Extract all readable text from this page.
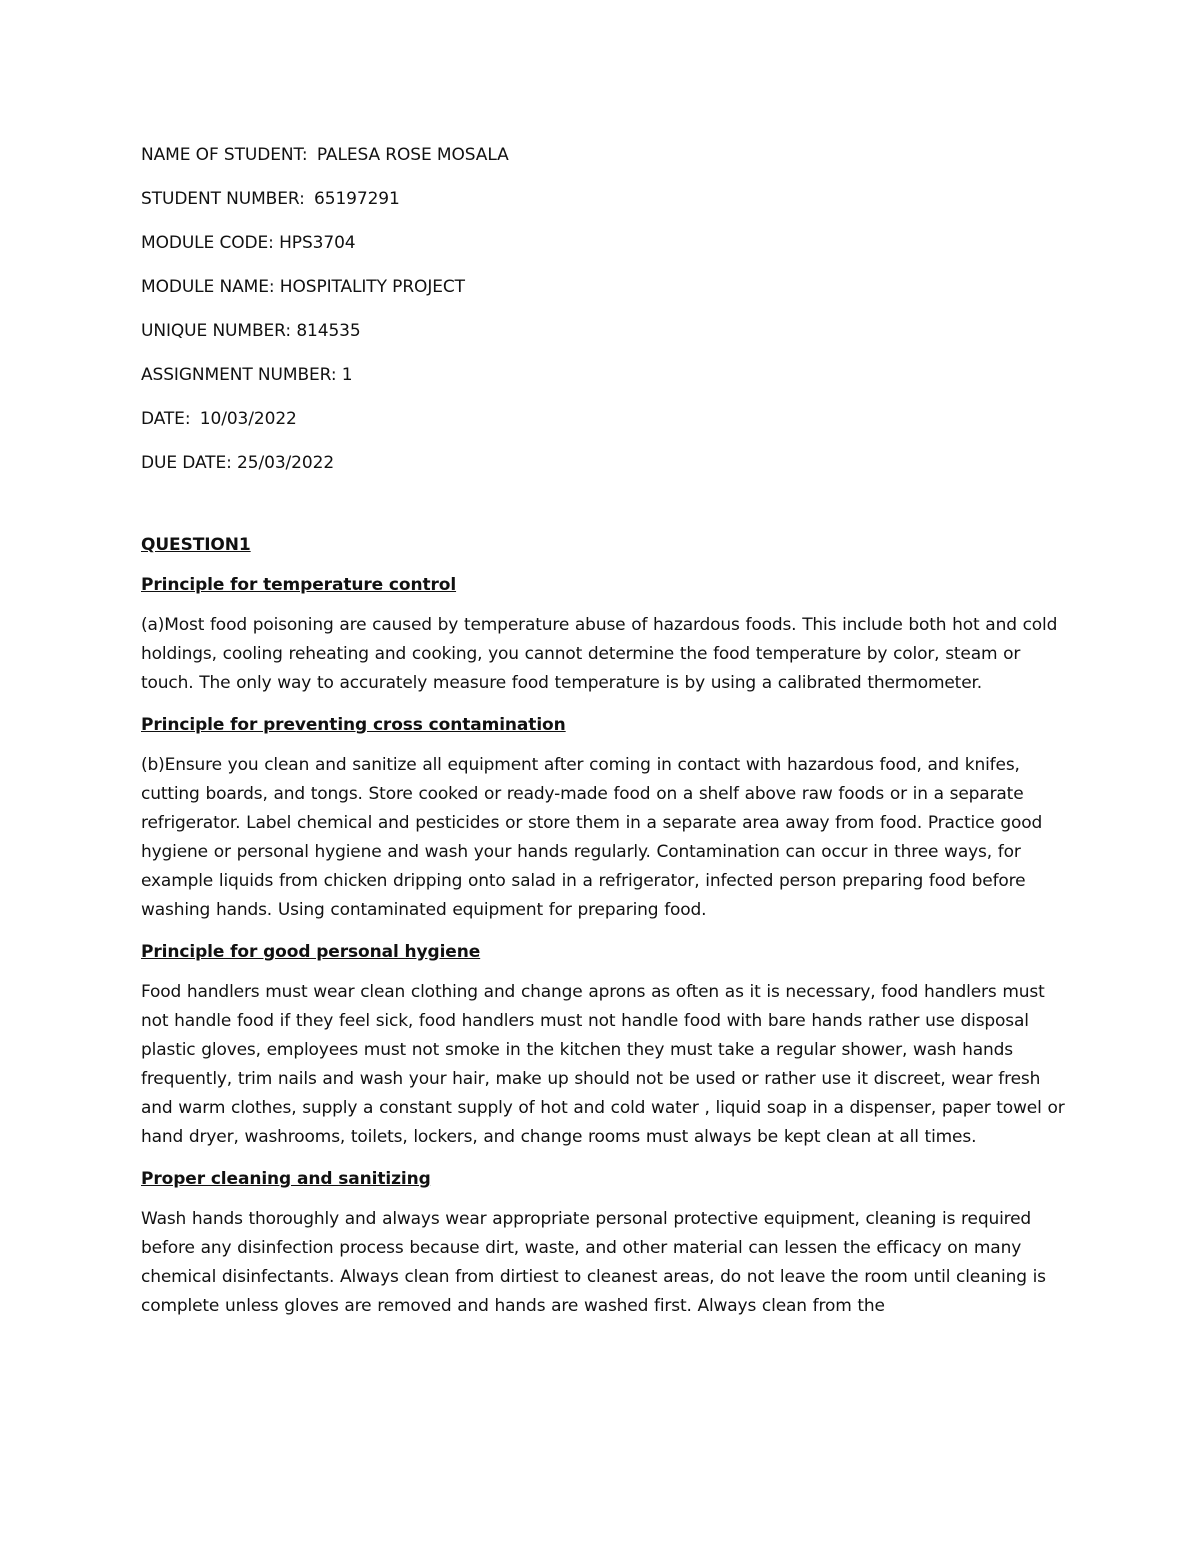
NAME OF STUDENT: PALESA ROSE MOSALA
STUDENT NUMBER: 65197291
MODULE CODE: HPS3704
MODULE NAME: HOSPITALITY PROJECT
UNIQUE NUMBER: 814535
ASSIGNMENT NUMBER: 1
DATE: 10/03/2022
DUE DATE: 25/03/2022
QUESTION1
Principle for temperature control
(a)Most food poisoning are caused by temperature abuse of hazardous foods. This include both hot and cold holdings, cooling reheating and cooking, you cannot determine the food temperature by color, steam or touch. The only way to accurately measure food temperature is by using a calibrated thermometer.
Principle for preventing cross contamination
(b)Ensure you clean and sanitize all equipment after coming in contact with hazardous food, and knifes, cutting boards, and tongs. Store cooked or ready-made food on a shelf above raw foods or in a separate refrigerator. Label chemical and pesticides or store them in a separate area away from food. Practice good hygiene or personal hygiene and wash your hands regularly. Contamination can occur in three ways, for example liquids from chicken dripping onto salad in a refrigerator, infected person preparing food before washing hands. Using contaminated equipment for preparing food.
Principle for good personal hygiene
Food handlers must wear clean clothing and change aprons as often as it is necessary, food handlers must not handle food if they feel sick, food handlers must not handle food with bare hands rather use disposal plastic gloves, employees must not smoke in the kitchen they must take a regular shower, wash hands frequently, trim nails and wash your hair, make up should not be used or rather use it discreet, wear fresh and warm clothes, supply a constant supply of hot and cold water , liquid soap in a dispenser, paper towel or hand dryer, washrooms, toilets, lockers, and change rooms must always be kept clean at all times.
Proper cleaning and sanitizing
Wash hands thoroughly and always wear appropriate personal protective equipment, cleaning is required before any disinfection process because dirt, waste, and other material can lessen the efficacy on many chemical disinfectants. Always clean from dirtiest to cleanest areas, do not leave the room until cleaning is complete unless gloves are removed and hands are washed first. Always clean from the
